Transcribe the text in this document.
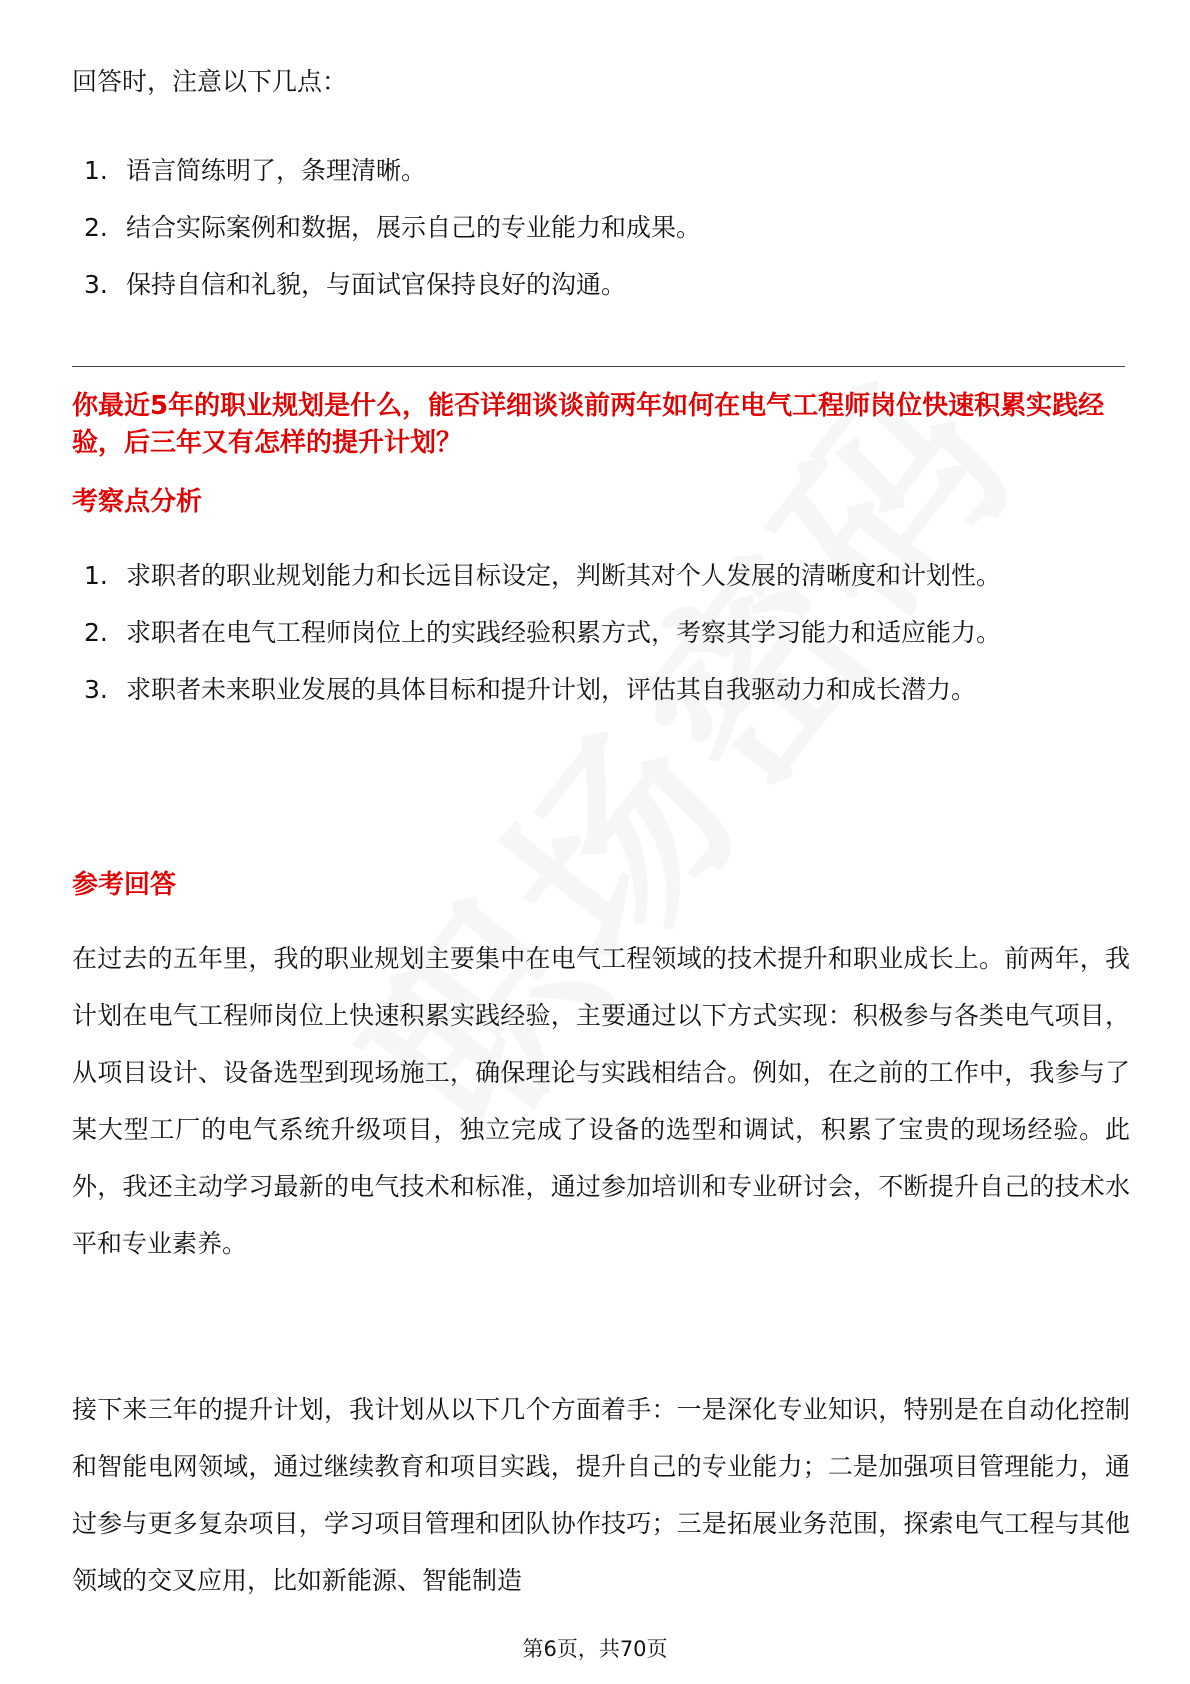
回答时，注意以下几点：
1. 语言简练明了，条理清晰。
2. 结合实际案例和数据，展示自己的专业能力和成果。
3. 保持自信和礼貌，与面试官保持良好的沟通。
你最近5年的职业规划是什么，能否详细谈谈前两年如何在电气工程师岗位快速积累实践经验，后三年又有怎样的提升计划？
考察点分析
1. 求职者的职业规划能力和长远目标设定，判断其对个人发展的清晰度和计划性。
2. 求职者在电气工程师岗位上的实践经验积累方式，考察其学习能力和适应能力。
3. 求职者未来职业发展的具体目标和提升计划，评估其自我驱动力和成长潜力。
参考回答

在过去的五年里，我的职业规划主要集中在电气工程领域的技术提升和职业成长上。前两年，我计划在电气工程师岗位上快速积累实践经验，主要通过以下方式实现：积极参与各类电气项目，从项目设计、设备选型到现场施工，确保理论与实践相结合。例如，在之前的工作中，我参与了某大型工厂的电气系统升级项目，独立完成了设备的选型和调试，积累了宝贵的现场经验。此外，我还主动学习最新的电气技术和标准，通过参加培训和专业研讨会，不断提升自己的技术水平和专业素养。

接下来三年的提升计划，我计划从以下几个方面着手：一是深化专业知识，特别是在自动化控制和智能电网领域，通过继续教育和项目实践，提升自己的专业能力；二是加强项目管理能力，通过参与更多复杂项目，学习项目管理和团队协作技巧；三是拓展业务范围，探索电气工程与其他领域的交叉应用，比如新能源、智能制造

第6页，共70页
